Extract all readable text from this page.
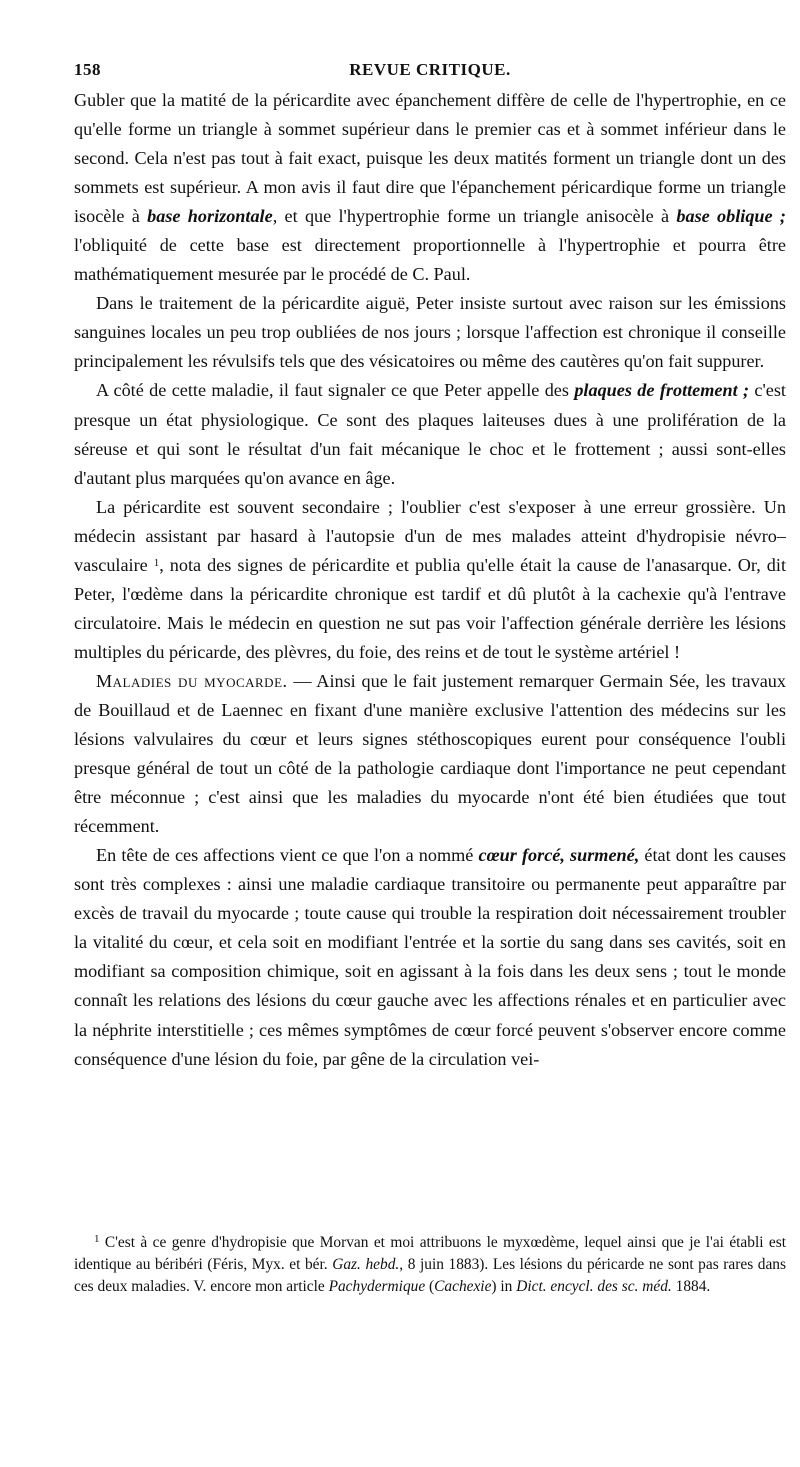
158	REVUE CRITIQUE.

Gubler que la matité de la péricardite avec épanchement diffère de celle de l'hypertrophie, en ce qu'elle forme un triangle à sommet supérieur dans le premier cas et à sommet inférieur dans le second. Cela n'est pas tout à fait exact, puisque les deux matités forment un triangle dont un des sommets est supérieur. A mon avis il faut dire que l'épanchement péricardique forme un triangle isocèle à base horizontale, et que l'hypertrophie forme un triangle anisocèle à base oblique ; l'obliquité de cette base est directement proportionnelle à l'hypertrophie et pourra être mathématiquement mesurée par le procédé de C. Paul.

Dans le traitement de la péricardite aiguë, Peter insiste surtout avec raison sur les émissions sanguines locales un peu trop oubliées de nos jours ; lorsque l'affection est chronique il conseille principalement les révulsifs tels que des vésicatoires ou même des cautères qu'on fait suppurer.

A côté de cette maladie, il faut signaler ce que Peter appelle des plaques de frottement ; c'est presque un état physiologique. Ce sont des plaques laiteuses dues à une prolifération de la séreuse et qui sont le résultat d'un fait mécanique le choc et le frottement ; aussi sont-elles d'autant plus marquées qu'on avance en âge.

La péricardite est souvent secondaire ; l'oublier c'est s'exposer à une erreur grossière. Un médecin assistant par hasard à l'autopsie d'un de mes malades atteint d'hydropisie névro–vasculaire $^1$, nota des signes de péricardite et publia qu'elle était la cause de l'anasarque. Or, dit Peter, l'œdème dans la péricardite chronique est tardif et dû plutôt à la cachexie qu'à l'entrave circulatoire. Mais le médecin en question ne sut pas voir l'affection générale derrière les lésions multiples du péricarde, des plèvres, du foie, des reins et de tout le système artériel !

Maladies du myocarde. — Ainsi que le fait justement remarquer Germain Sée, les travaux de Bouillaud et de Laennec en fixant d'une manière exclusive l'attention des médecins sur les lésions valvulaires du cœur et leurs signes stéthoscopiques eurent pour conséquence l'oubli presque général de tout un côté de la pathologie cardiaque dont l'importance ne peut cependant être méconnue ; c'est ainsi que les maladies du myocarde n'ont été bien étudiées que tout récemment.

En tête de ces affections vient ce que l'on a nommé cœur forcé, surmené, état dont les causes sont très complexes : ainsi une maladie cardiaque transitoire ou permanente peut apparaître par excès de travail du myocarde ; toute cause qui trouble la respiration doit nécessairement troubler la vitalité du cœur, et cela soit en modifiant l'entrée et la sortie du sang dans ses cavités, soit en modifiant sa composition chimique, soit en agissant à la fois dans les deux sens ; tout le monde connaît les relations des lésions du cœur gauche avec les affections rénales et en particulier avec la néphrite interstitielle ; ces mêmes symptômes de cœur forcé peuvent s'observer encore comme conséquence d'une lésion du foie, par gêne de la circulation vei-

$^1$ C'est à ce genre d'hydropisie que Morvan et moi attribuons le myxœdème, lequel ainsi que je l'ai établi est identique au béribéri (Féris, Myx. et bér. Gaz. hebd., 8 juin 1883). Les lésions du péricarde ne sont pas rares dans ces deux maladies. V. encore mon article Pachydermique (Cachexie) in Dict. encycl. des sc. méd. 1884.
